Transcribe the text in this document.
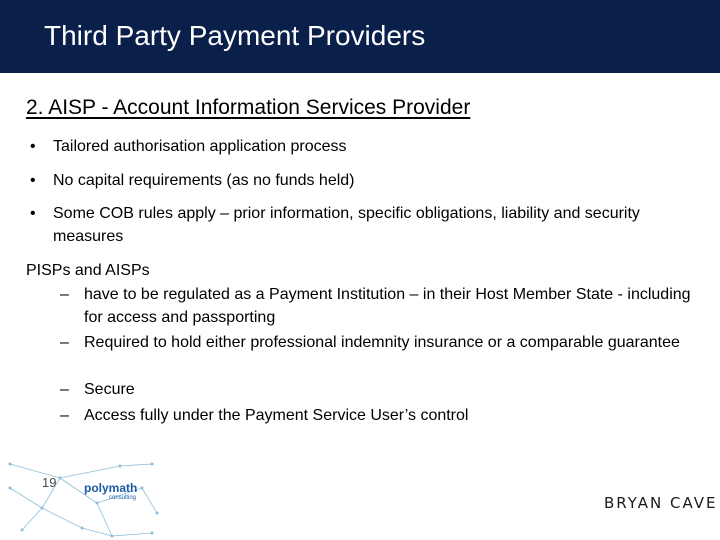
Third Party Payment Providers
2. AISP - Account Information Services Provider
• Tailored authorisation application process
• No capital requirements (as no funds held)
• Some COB rules apply – prior information, specific obligations, liability and security measures
PISPs and AISPs
– have to be regulated as a Payment Institution – in their Host Member State - including for access and passporting
– Required to hold either professional indemnity insurance or a comparable guarantee
– Secure
– Access fully under the Payment Service User’s control
polymath
consulting
19
BRYAN CAVE
